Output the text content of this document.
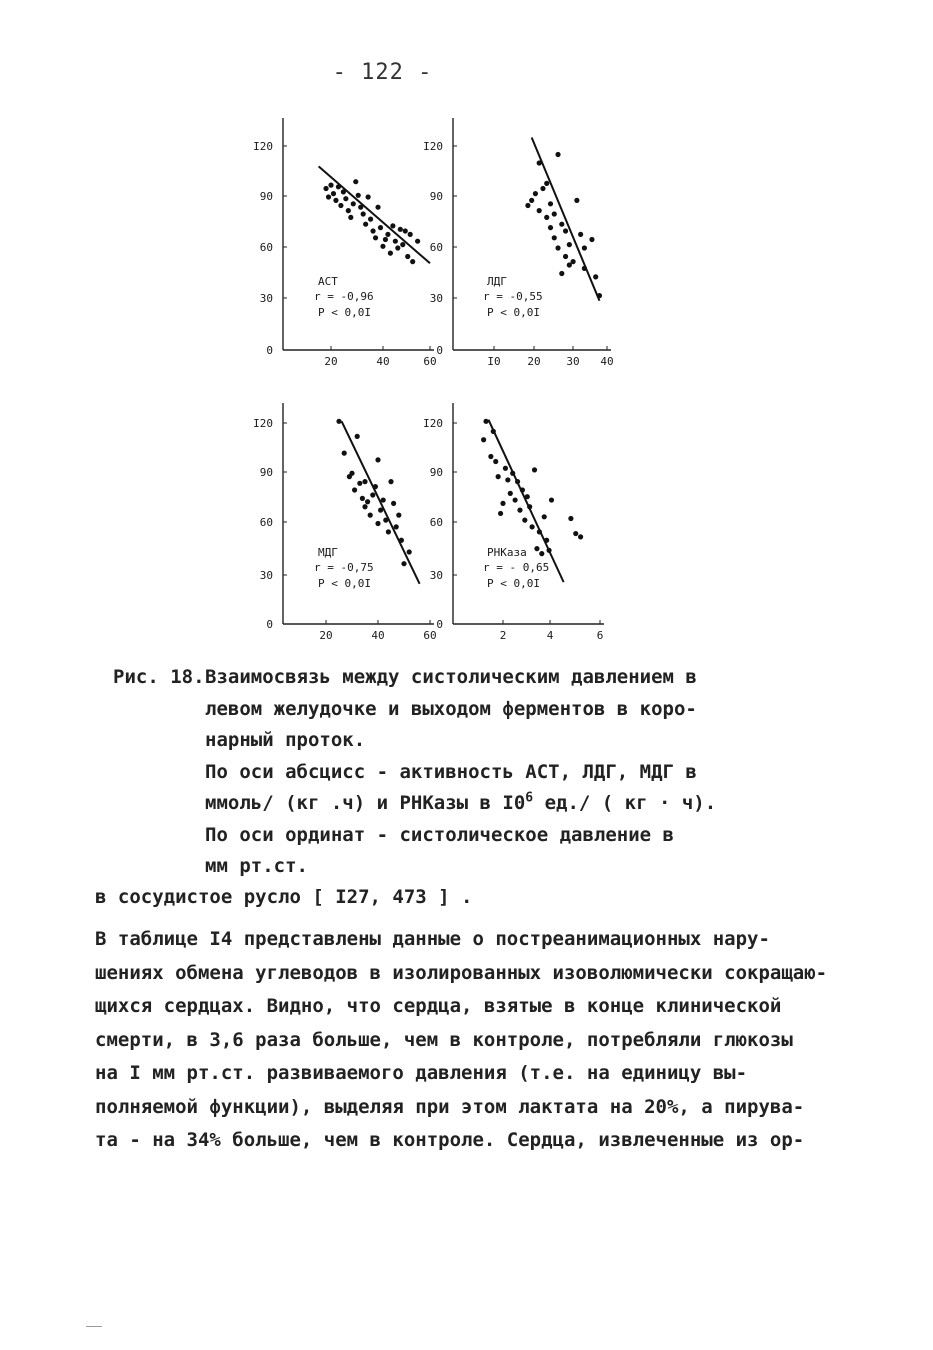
- 122 -
0
30
60
90
I20
20	40	60
АСТ
r = -0,96
P < 0,0I
0
30
60
90
I20
I0 20 30 40
ЛДГ
r = -0,55
P < 0,0I
0
30
60
90
I20
20	40	60
МДГ
r = -0,75
P < 0,0I
0
30
60
90
I20
2	4	6
РНКаза
r = - 0,65
P < 0,0I
Рис. 18.Взаимосвязь между систолическим давлением в
левом желудочке и выходом ферментов в коро-
нарный проток.
По оси абсцисс - активность АСТ, ЛДГ, МДГ в
ммоль/ (кг .ч) и РНКазы в $I0^6$ ед./ ( кг · ч).
По оси ординат - систолическое давление в
мм рт.ст.
в сосудистое русло [ I27, 473 ] .
В таблице I4 представлены данные о постреанимационных нару-
шениях обмена углеводов в изолированных изоволюмически сокращаю-
щихся сердцах. Видно, что сердца, взятые в конце клинической
смерти, в 3,6 раза больше, чем в контроле, потребляли глюкозы
на I мм рт.ст. развиваемого давления (т.е. на единицу вы-
полняемой функции), выделяя при этом лактата на 20%, а пирува-
та - на 34% больше, чем в контроле. Сердца, извлеченные из ор-
